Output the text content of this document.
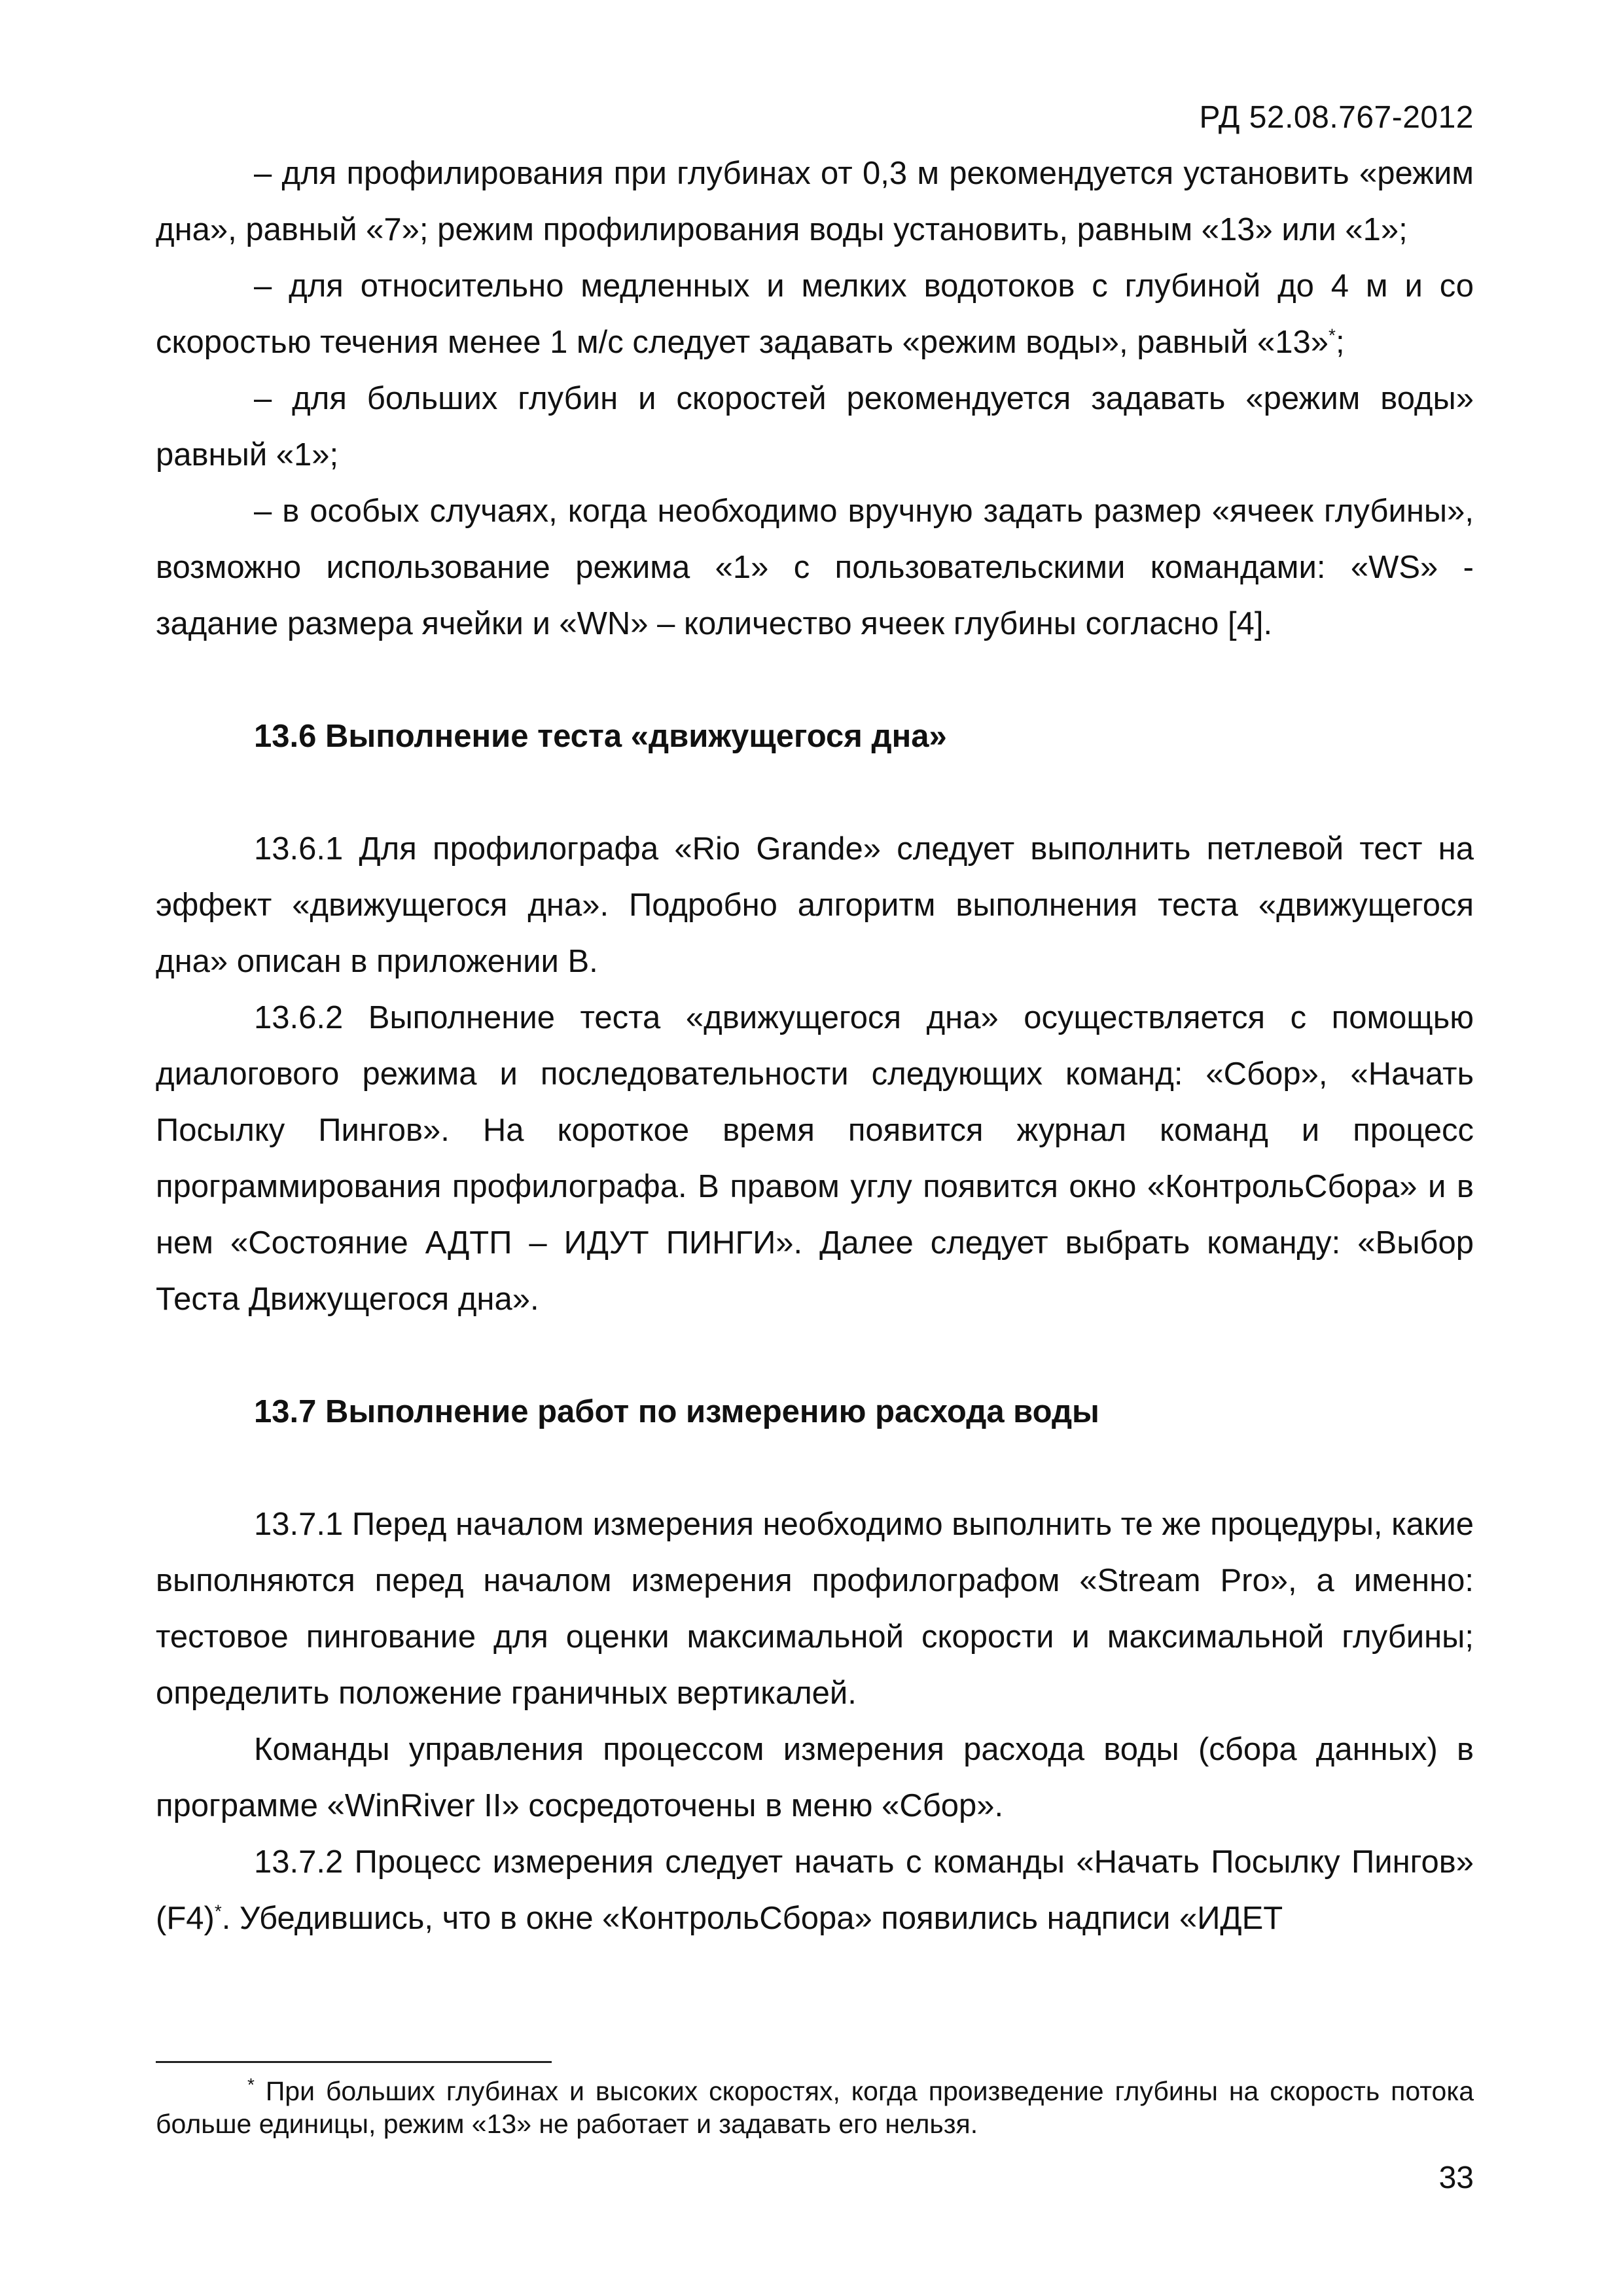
РД 52.08.767-2012

– для профилирования при глубинах от 0,3 м рекомендуется установить «режим дна», равный «7»; режим профилирования воды установить, равным «13» или «1»;

– для относительно медленных и мелких водотоков с глубиной до 4 м и со скоростью течения менее 1 м/с следует задавать «режим воды», равный «13»*;

– для больших глубин и скоростей рекомендуется задавать «режим воды» равный «1»;

– в особых случаях, когда необходимо вручную задать размер «ячеек глубины», возможно использование режима «1» с пользовательскими командами: «WS» - задание размера ячейки и «WN» – количество ячеек глубины согласно [4].

13.6 Выполнение теста «движущегося дна»

13.6.1 Для профилографа «Rio Grande» следует выполнить петлевой тест на эффект «движущегося дна». Подробно алгоритм выполнения теста «движущегося дна» описан в приложении В.

13.6.2 Выполнение теста «движущегося дна» осуществляется с помощью диалогового режима и последовательности следующих команд: «Сбор», «Начать Посылку Пингов». На короткое время появится журнал команд и процесс программирования профилографа. В правом углу появится окно «КонтрольСбора» и в нем «Состояние АДТП – ИДУТ ПИНГИ». Далее следует выбрать команду: «Выбор Теста Движущегося дна».

13.7 Выполнение работ по измерению расхода воды

13.7.1 Перед началом измерения необходимо выполнить те же процедуры, какие выполняются перед началом измерения профилографом «Stream Pro», а именно: тестовое пингование для оценки максимальной скорости и максимальной глубины; определить положение граничных вертикалей.

Команды управления процессом измерения расхода воды (сбора данных) в программе «WinRiver II» сосредоточены в меню «Сбор».

13.7.2 Процесс измерения следует начать с команды «Начать Посылку Пингов» (F4)*. Убедившись, что в окне «КонтрольСбора» появились надписи «ИДЕТ

* При больших глубинах и высоких скоростях, когда произведение глубины на скорость потока больше единицы, режим «13» не работает и задавать его нельзя.

33
